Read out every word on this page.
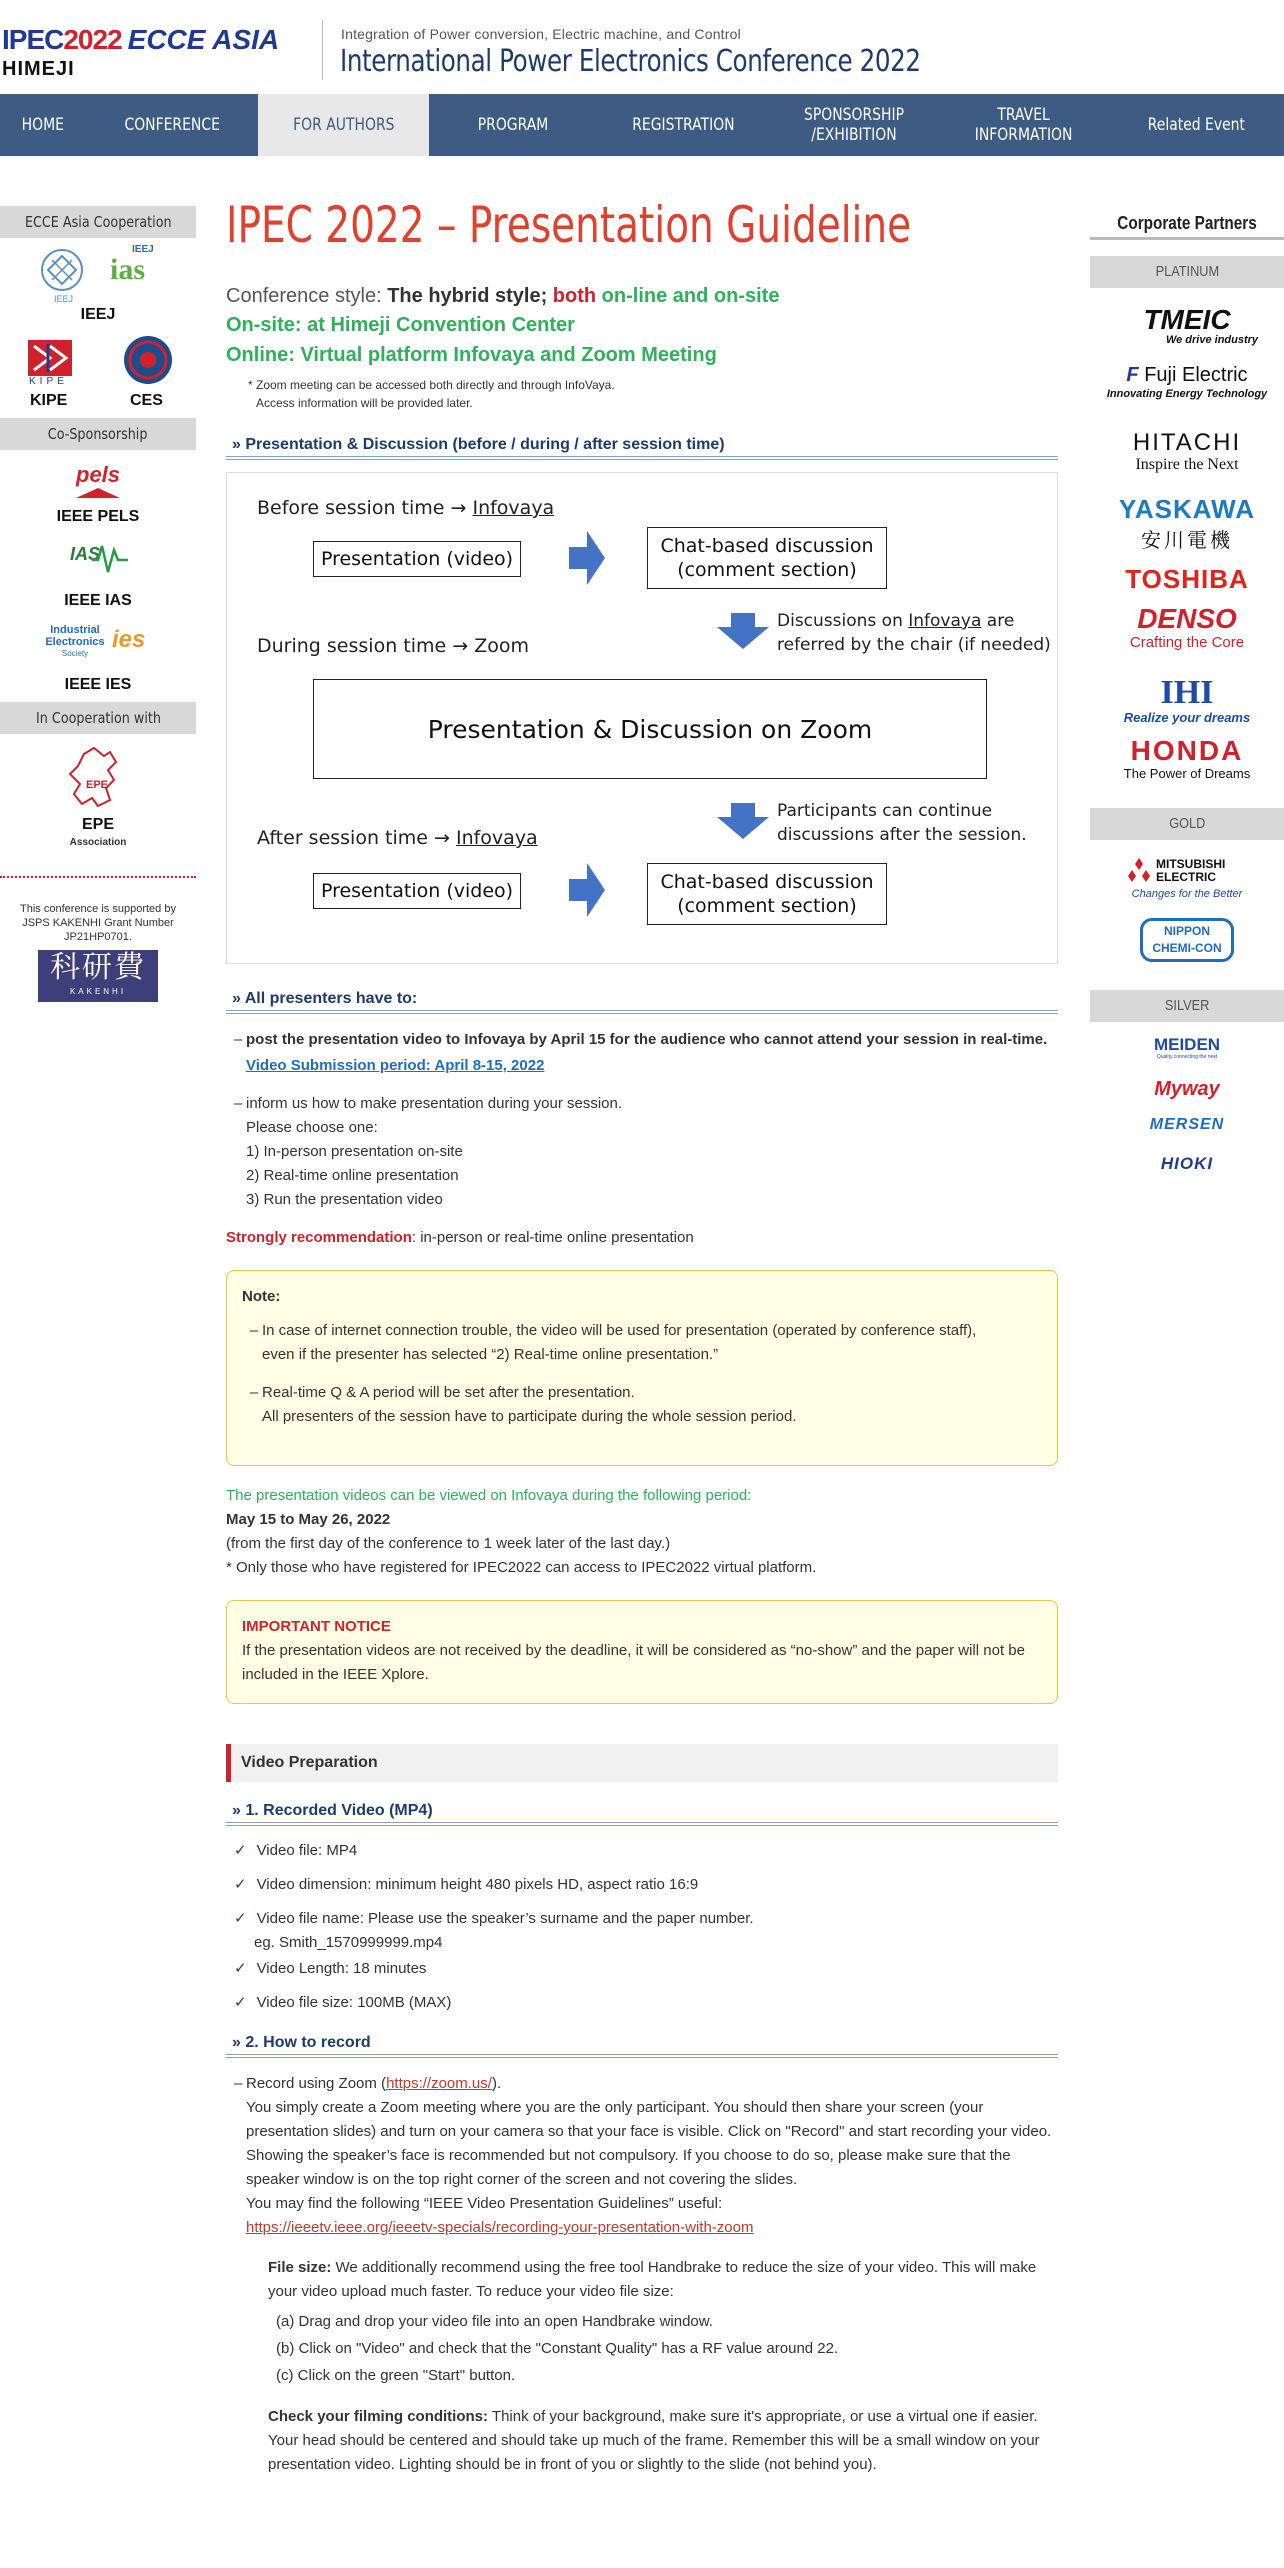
IPEC2022 ECCE ASIA
HIMEJI
Integration of Power conversion, Electric machine, and Control
International Power Electronics Conference 2022
HOME	CONFERENCE	FOR AUTHORS	PROGRAM	REGISTRATION	SPONSORSHIP
/EXHIBITION
TRAVEL
INFORMATION	Related Event
ECCE Asia Cooperation
IEEJ
IEEJ
ias
IEEJ
KIPE
KIPE	CES
Co-Sponsorship
pels
IEEE PELS
IAS
IEEE IAS
Industrial
Electronics
Society
ies
IEEE IES
In Cooperation with
EPE
EPE
Association
This conference is supported by JSPS KAKENHI Grant Number JP21HP0701.
科研費
KAKENHI
Corporate Partners
PLATINUM
TMEIC
We drive industry
F Fuji Electric
Innovating Energy Technology
HITACHI
Inspire the Next
YASKAWA
安川電機
TOSHIBA
DENSO
Crafting the Core
IHI
Realize your dreams
HONDA
The Power of Dreams
GOLD
MITSUBISHI
ELECTRIC
Changes for the Better
NIPPON
CHEMI-CON
SILVER
MEIDEN
Quality connecting the next
Myway
MERSEN
HIOKI
IPEC 2022 – Presentation Guideline
Conference style: The hybrid style; both on-line and on-site
On-site: at Himeji Convention Center
Online: Virtual platform Infovaya and Zoom Meeting
* Zoom meeting can be accessed both directly and through InfoVaya.
Access information will be provided later.
» Presentation & Discussion (before / during / after session time)
Before session time → Infovaya
Presentation (video)
Chat-based discussion
(comment section)
Discussions on Infovaya are
referred by the chair (if needed)
During session time → Zoom
Presentation & Discussion on Zoom
Participants can continue
discussions after the session.
After session time → Infovaya
Presentation (video)	Chat-based discussion
(comment section)
» All presenters have to:
– post the presentation video to Infovaya by April 15 for the audience who cannot attend your session in real-time.
Video Submission period: April 8-15, 2022
– inform us how to make presentation during your session.
Please choose one:
1) In-person presentation on-site
2) Real-time online presentation
3) Run the presentation video
Strongly recommendation: in-person or real-time online presentation
Note:
– In case of internet connection trouble, the video will be used for presentation (operated by conference staff),
even if the presenter has selected “2) Real-time online presentation.”
– Real-time Q & A period will be set after the presentation.
All presenters of the session have to participate during the whole session period.
The presentation videos can be viewed on Infovaya during the following period:
May 15 to May 26, 2022
(from the first day of the conference to 1 week later of the last day.)
* Only those who have registered for IPEC2022 can access to IPEC2022 virtual platform.
IMPORTANT NOTICE
If the presentation videos are not received by the deadline, it will be considered as “no-show” and the paper will not be included in the IEEE Xplore.
Video Preparation
» 1. Recorded Video (MP4)
✓ Video file: MP4
✓ Video dimension: minimum height 480 pixels HD, aspect ratio 16:9
✓ Video file name: Please use the speaker’s surname and the paper number.
eg. Smith_1570999999.mp4
✓ Video Length: 18 minutes
✓ Video file size: 100MB (MAX)
» 2. How to record
– Record using Zoom (https://zoom.us/).
You simply create a Zoom meeting where you are the only participant. You should then share your screen (your presentation slides) and turn on your camera so that your face is visible. Click on "Record" and start recording your video. Showing the speaker’s face is recommended but not compulsory. If you choose to do so, please make sure that the speaker window is on the top right corner of the screen and not covering the slides.
You may find the following “IEEE Video Presentation Guidelines” useful:
https://ieeetv.ieee.org/ieeetv-specials/recording-your-presentation-with-zoom
File size: We additionally recommend using the free tool Handbrake to reduce the size of your video. This will make your video upload much faster. To reduce your video file size:
(a) Drag and drop your video file into an open Handbrake window.
(b) Click on "Video" and check that the "Constant Quality" has a RF value around 22.
(c) Click on the green "Start" button.
Check your filming conditions: Think of your background, make sure it's appropriate, or use a virtual one if easier. Your head should be centered and should take up much of the frame. Remember this will be a small window on your presentation video. Lighting should be in front of you or slightly to the slide (not behind you).
